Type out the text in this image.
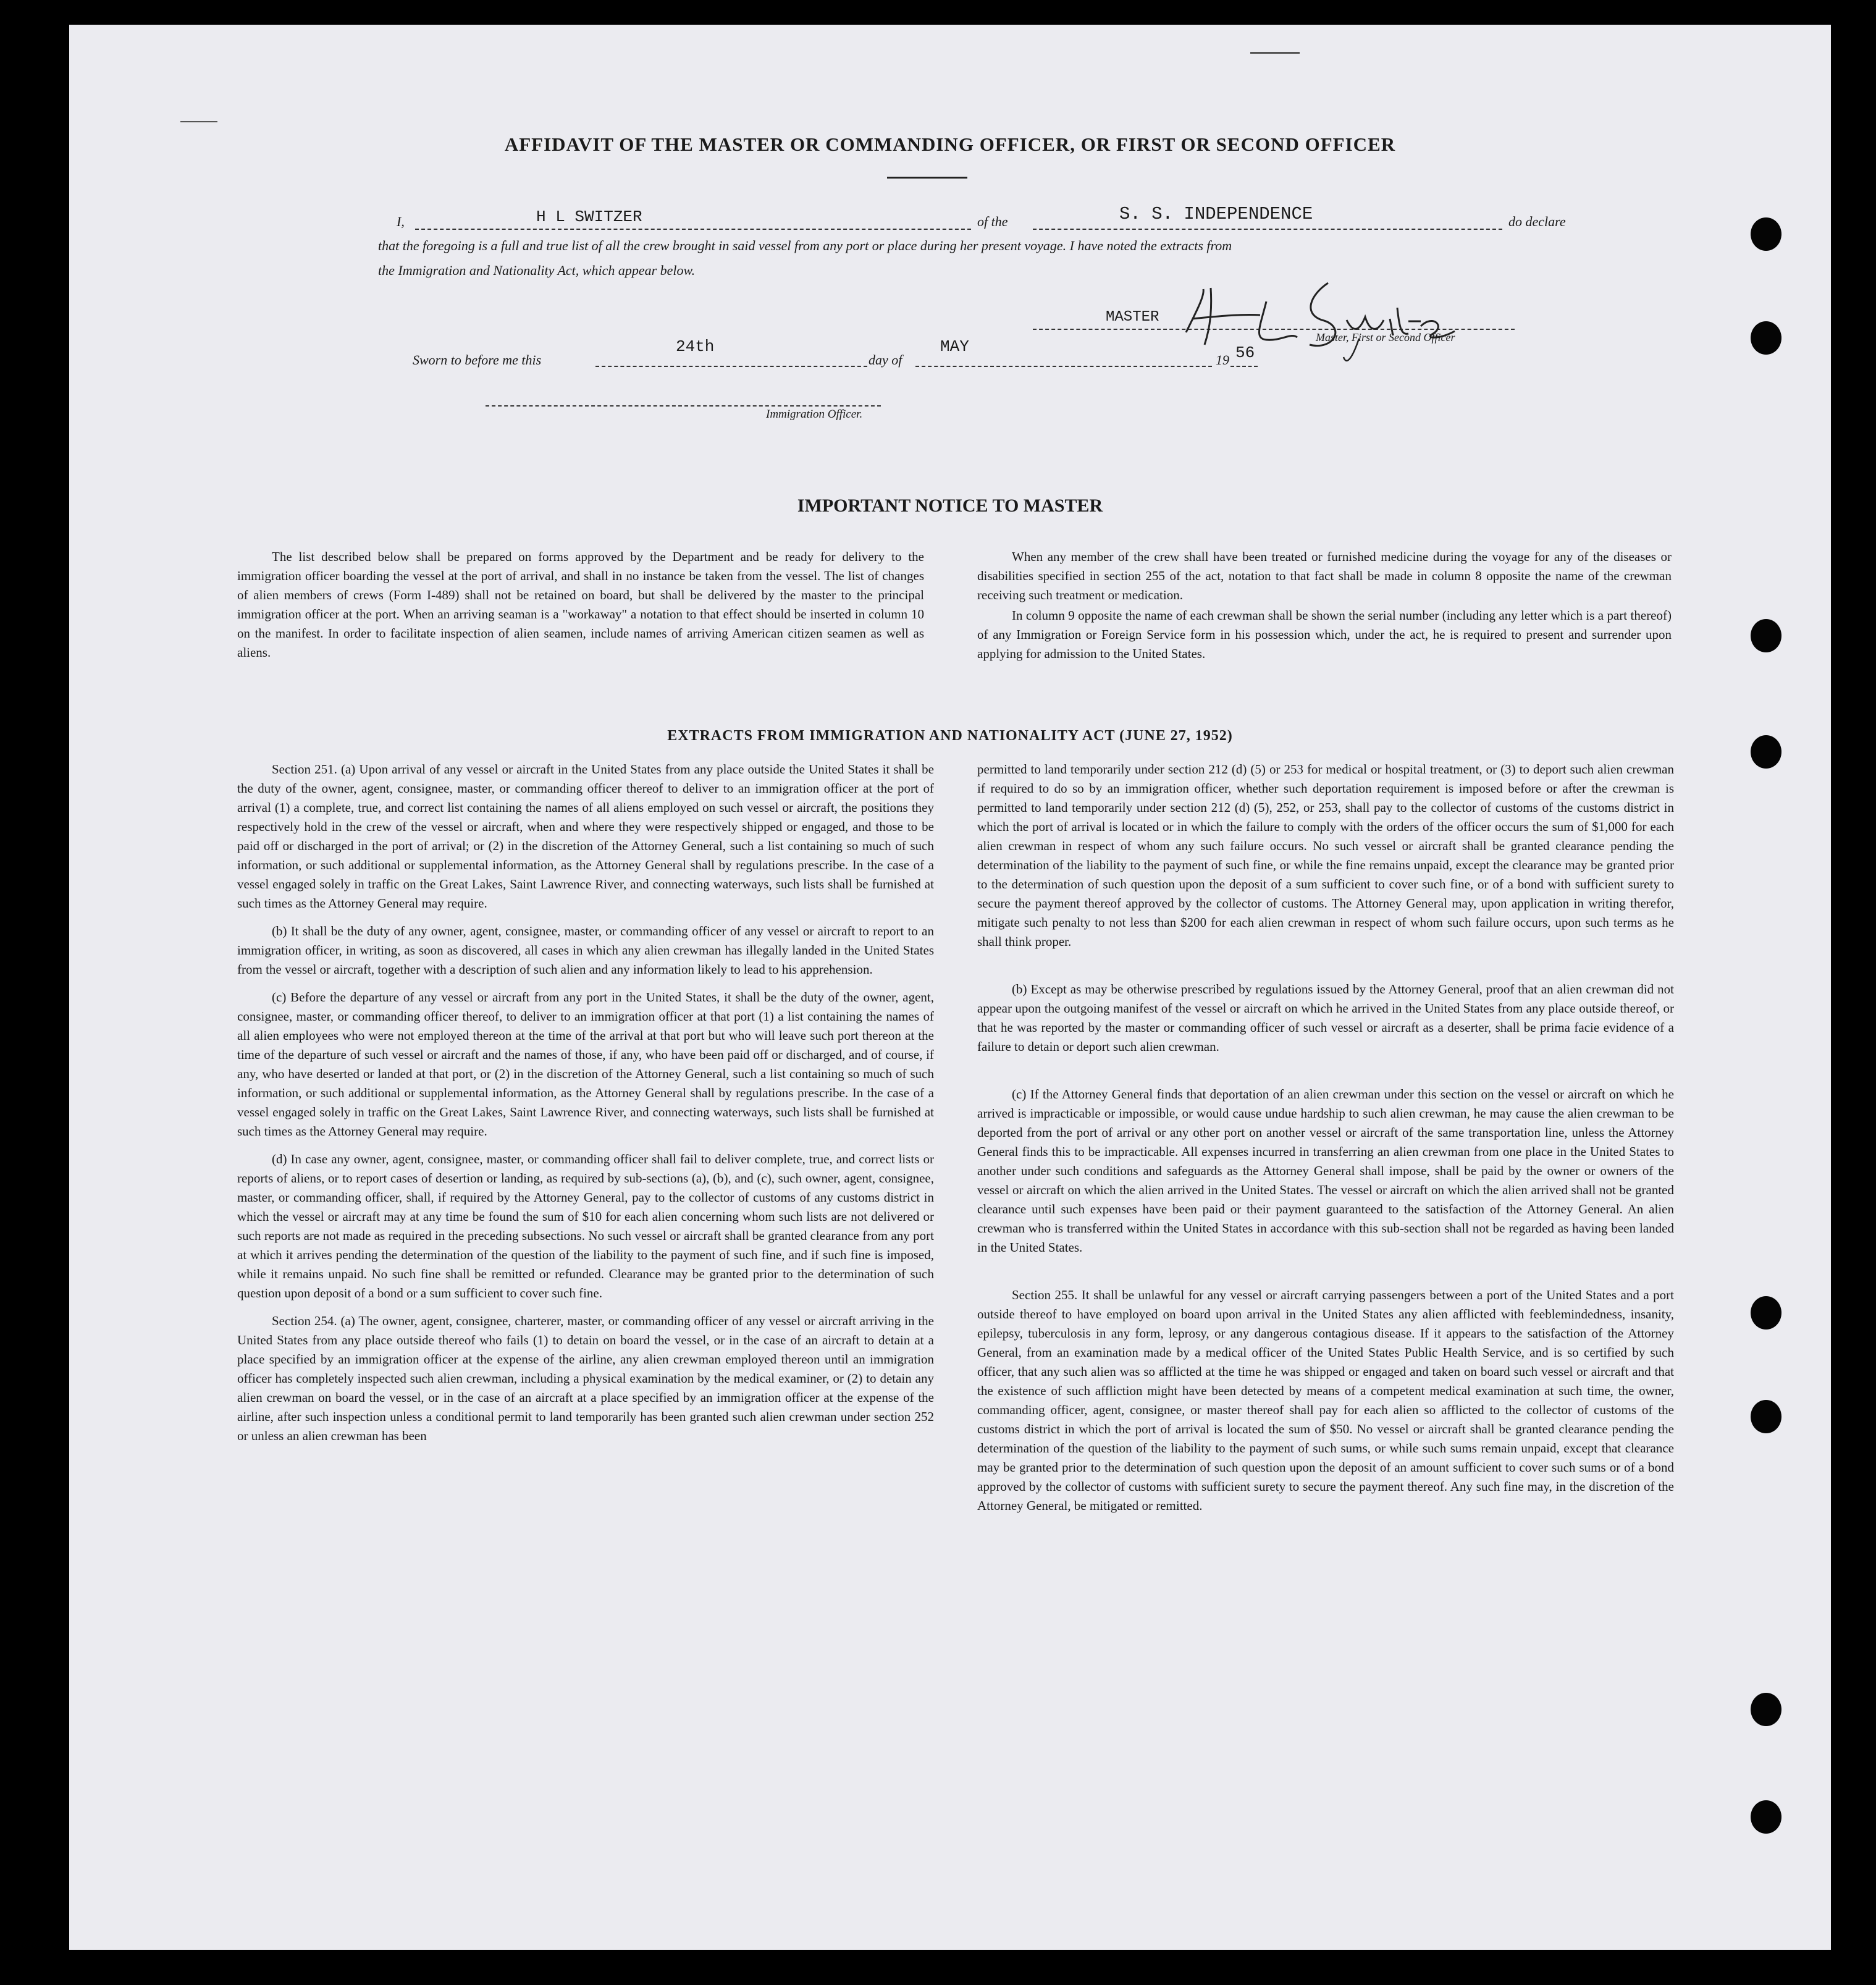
AFFIDAVIT OF THE MASTER OR COMMANDING OFFICER, OR FIRST OR SECOND OFFICER
I,	H L SWITZER	of the	S. S. INDEPENDENCE	do declare
that the foregoing is a full and true list of all the crew brought in said vessel from any port or place during her present voyage. I have noted the extracts from
the Immigration and Nationality Act, which appear below.
MASTER
Master, First or Second Officer
Sworn to before me this
24th
day of
MAY
19 56
Immigration Officer.
IMPORTANT NOTICE TO MASTER

The list described below shall be prepared on forms approved by the Department and be ready for delivery to the immigration officer boarding the vessel at the port of arrival, and shall in no instance be taken from the vessel. The list of changes of alien members of crews (Form I-489) shall not be retained on board, but shall be delivered by the master to the principal immigration officer at the port. When an arriving seaman is a "workaway" a notation to that effect should be inserted in column 10 on the manifest. In order to facilitate inspection of alien seamen, include names of arriving American citizen seamen as well as aliens.

When any member of the crew shall have been treated or furnished medicine during the voyage for any of the diseases or disabilities specified in section 255 of the act, notation to that fact shall be made in column 8 opposite the name of the crewman receiving such treatment or medication.

In column 9 opposite the name of each crewman shall be shown the serial number (including any letter which is a part thereof) of any Immigration or Foreign Service form in his possession which, under the act, he is required to present and surrender upon applying for admission to the United States.

EXTRACTS FROM IMMIGRATION AND NATIONALITY ACT (JUNE 27, 1952)

Section 251. (a) Upon arrival of any vessel or aircraft in the United States from any place outside the United States it shall be the duty of the owner, agent, consignee, master, or commanding officer thereof to deliver to an immigration officer at the port of arrival (1) a complete, true, and correct list containing the names of all aliens employed on such vessel or aircraft, the positions they respectively hold in the crew of the vessel or aircraft, when and where they were respectively shipped or engaged, and those to be paid off or discharged in the port of arrival; or (2) in the discretion of the Attorney General, such a list containing so much of such information, or such additional or supplemental information, as the Attorney General shall by regulations prescribe. In the case of a vessel engaged solely in traffic on the Great Lakes, Saint Lawrence River, and connecting waterways, such lists shall be furnished at such times as the Attorney General may require.

(b) It shall be the duty of any owner, agent, consignee, master, or commanding officer of any vessel or aircraft to report to an immigration officer, in writing, as soon as discovered, all cases in which any alien crewman has illegally landed in the United States from the vessel or aircraft, together with a description of such alien and any information likely to lead to his apprehension.

(c) Before the departure of any vessel or aircraft from any port in the United States, it shall be the duty of the owner, agent, consignee, master, or commanding officer thereof, to deliver to an immigration officer at that port (1) a list containing the names of all alien employees who were not employed thereon at the time of the arrival at that port but who will leave such port thereon at the time of the departure of such vessel or aircraft and the names of those, if any, who have been paid off or discharged, and of course, if any, who have deserted or landed at that port, or (2) in the discretion of the Attorney General, such a list containing so much of such information, or such additional or supplemental information, as the Attorney General shall by regulations prescribe. In the case of a vessel engaged solely in traffic on the Great Lakes, Saint Lawrence River, and connecting waterways, such lists shall be furnished at such times as the Attorney General may require.

(d) In case any owner, agent, consignee, master, or commanding officer shall fail to deliver complete, true, and correct lists or reports of aliens, or to report cases of desertion or landing, as required by sub-sections (a), (b), and (c), such owner, agent, consignee, master, or commanding officer, shall, if required by the Attorney General, pay to the collector of customs of any customs district in which the vessel or aircraft may at any time be found the sum of $10 for each alien concerning whom such lists are not delivered or such reports are not made as required in the preceding subsections. No such vessel or aircraft shall be granted clearance from any port at which it arrives pending the determination of the question of the liability to the payment of such fine, and if such fine is imposed, while it remains unpaid. No such fine shall be remitted or refunded. Clearance may be granted prior to the determination of such question upon deposit of a bond or a sum sufficient to cover such fine.

Section 254. (a) The owner, agent, consignee, charterer, master, or commanding officer of any vessel or aircraft arriving in the United States from any place outside thereof who fails (1) to detain on board the vessel, or in the case of an aircraft to detain at a place specified by an immigration officer at the expense of the airline, any alien crewman employed thereon until an immigration officer has completely inspected such alien crewman, including a physical examination by the medical examiner, or (2) to detain any alien crewman on board the vessel, or in the case of an aircraft at a place specified by an immigration officer at the expense of the airline, after such inspection unless a conditional permit to land temporarily has been granted such alien crewman under section 252 or unless an alien crewman has been

permitted to land temporarily under section 212 (d) (5) or 253 for medical or hospital treatment, or (3) to deport such alien crewman if required to do so by an immigration officer, whether such deportation requirement is imposed before or after the crewman is permitted to land temporarily under section 212 (d) (5), 252, or 253, shall pay to the collector of customs of the customs district in which the port of arrival is located or in which the failure to comply with the orders of the officer occurs the sum of $1,000 for each alien crewman in respect of whom any such failure occurs. No such vessel or aircraft shall be granted clearance pending the determination of the liability to the payment of such fine, or while the fine remains unpaid, except the clearance may be granted prior to the determination of such question upon the deposit of a sum sufficient to cover such fine, or of a bond with sufficient surety to secure the payment thereof approved by the collector of customs. The Attorney General may, upon application in writing therefor, mitigate such penalty to not less than $200 for each alien crewman in respect of whom such failure occurs, upon such terms as he shall think proper.

(b) Except as may be otherwise prescribed by regulations issued by the Attorney General, proof that an alien crewman did not appear upon the outgoing manifest of the vessel or aircraft on which he arrived in the United States from any place outside thereof, or that he was reported by the master or commanding officer of such vessel or aircraft as a deserter, shall be prima facie evidence of a failure to detain or deport such alien crewman.

(c) If the Attorney General finds that deportation of an alien crewman under this section on the vessel or aircraft on which he arrived is impracticable or impossible, or would cause undue hardship to such alien crewman, he may cause the alien crewman to be deported from the port of arrival or any other port on another vessel or aircraft of the same transportation line, unless the Attorney General finds this to be impracticable. All expenses incurred in transferring an alien crewman from one place in the United States to another under such conditions and safeguards as the Attorney General shall impose, shall be paid by the owner or owners of the vessel or aircraft on which the alien arrived in the United States. The vessel or aircraft on which the alien arrived shall not be granted clearance until such expenses have been paid or their payment guaranteed to the satisfaction of the Attorney General. An alien crewman who is transferred within the United States in accordance with this sub-section shall not be regarded as having been landed in the United States.

Section 255. It shall be unlawful for any vessel or aircraft carrying passengers between a port of the United States and a port outside thereof to have employed on board upon arrival in the United States any alien afflicted with feeblemindedness, insanity, epilepsy, tuberculosis in any form, leprosy, or any dangerous contagious disease. If it appears to the satisfaction of the Attorney General, from an examination made by a medical officer of the United States Public Health Service, and is so certified by such officer, that any such alien was so afflicted at the time he was shipped or engaged and taken on board such vessel or aircraft and that the existence of such affliction might have been detected by means of a competent medical examination at such time, the owner, commanding officer, agent, consignee, or master thereof shall pay for each alien so afflicted to the collector of customs of the customs district in which the port of arrival is located the sum of $50. No vessel or aircraft shall be granted clearance pending the determination of the question of the liability to the payment of such sums, or while such sums remain unpaid, except that clearance may be granted prior to the determination of such question upon the deposit of an amount sufficient to cover such sums or of a bond approved by the collector of customs with sufficient surety to secure the payment thereof. Any such fine may, in the discretion of the Attorney General, be mitigated or remitted.
